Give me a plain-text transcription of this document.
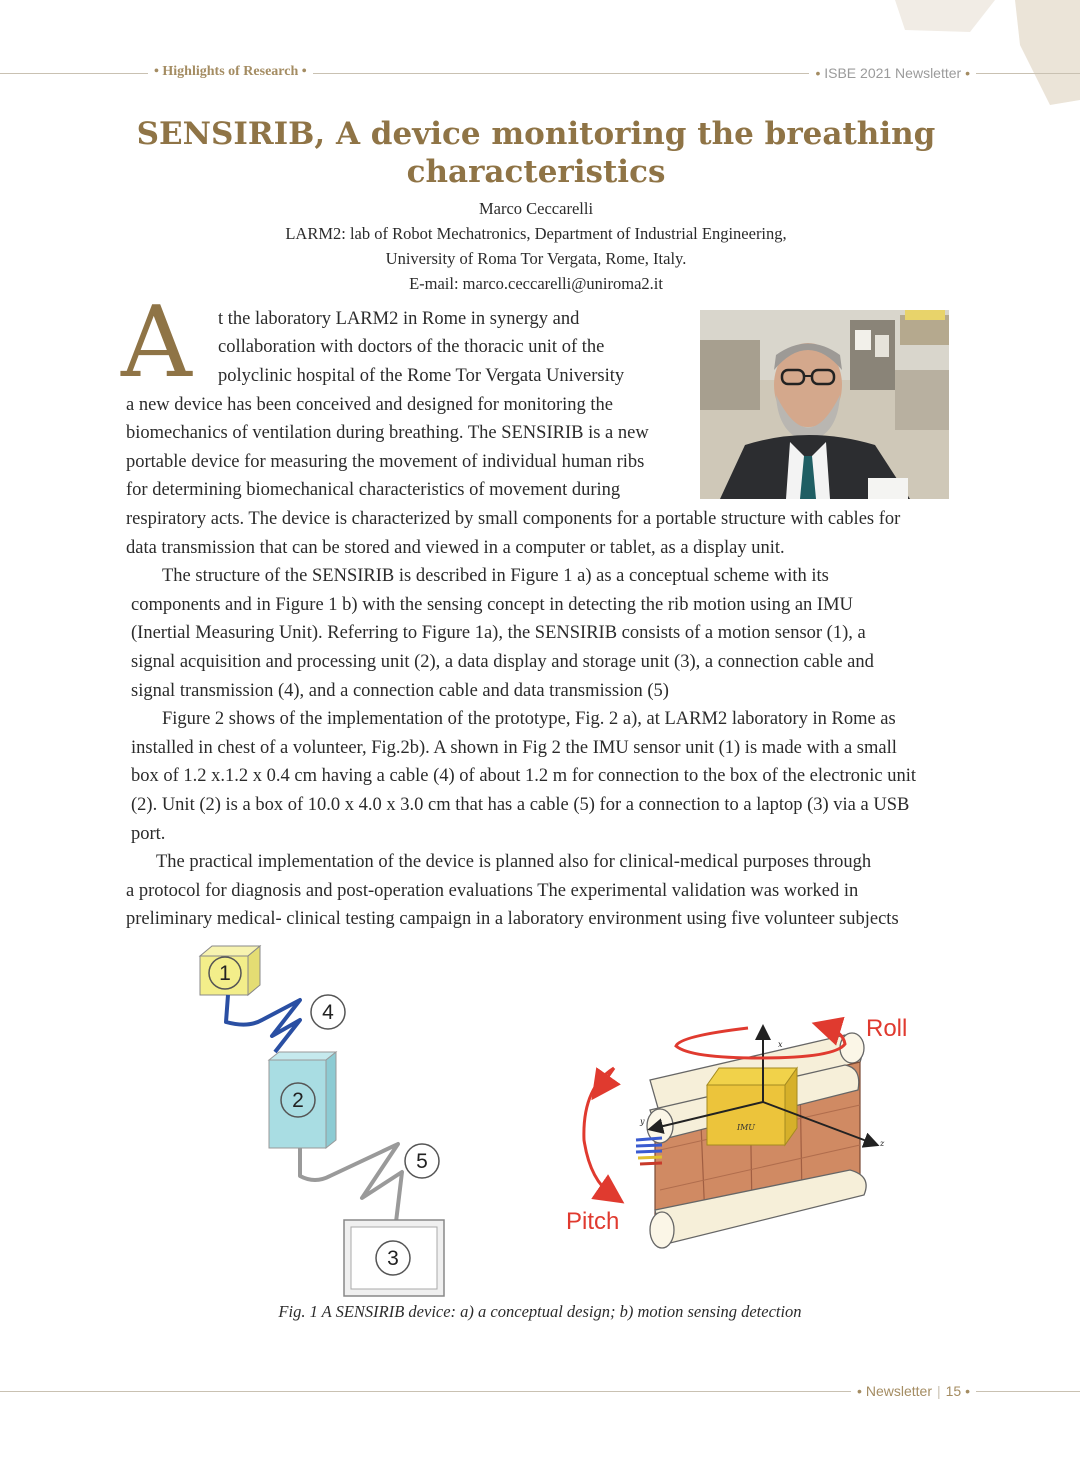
• Highlights of Research •	• ISBE 2021 Newsletter •
SENSIRIB, A device monitoring the breathing characteristics
Marco Ceccarelli
LARM2: lab of Robot Mechatronics, Department of Industrial Engineering,
University of Roma Tor Vergata, Rome, Italy.
E-mail: marco.ceccarelli@uniroma2.it
A t the laboratory LARM2 in Rome in synergy and
collaboration with doctors of the thoracic unit of the
polyclinic hospital of the Rome Tor Vergata University
a new device has been conceived and designed for monitoring the
biomechanics of ventilation during breathing. The SENSIRIB is a new
portable device for measuring the movement of individual human ribs
for determining biomechanical characteristics of movement during
respiratory acts. The device is characterized by small components for a portable structure with cables for
data transmission that can be stored and viewed in a computer or tablet, as a display unit.
The structure of the SENSIRIB is described in Figure 1 a) as a conceptual scheme with its
components and in Figure 1 b) with the sensing concept in detecting the rib motion using an IMU
(Inertial Measuring Unit). Referring to Figure 1a), the SENSIRIB consists of a motion sensor (1), a
signal acquisition and processing unit (2), a data display and storage unit (3), a connection cable and
signal transmission (4), and a connection cable and data transmission (5)
Figure 2 shows of the implementation of the prototype, Fig. 2 a), at LARM2 laboratory in Rome as
installed in chest of a volunteer, Fig.2b). A shown in Fig 2 the IMU sensor unit (1) is made with a small
box of 1.2 x.1.2 x 0.4 cm having a cable (4) of about 1.2 m for connection to the box of the electronic unit
(2). Unit (2) is a box of 10.0 x 4.0 x 3.0 cm that has a cable (5) for a connection to a laptop (3) via a USB
port.
The practical implementation of the device is planned also for clinical-medical purposes through
a protocol for diagnosis and post-operation evaluations The experimental validation was worked in
preliminary medical- clinical testing campaign in a laboratory environment using five volunteer subjects
1
4
2
5
3
IMU
x
z
y
Roll
Pitch
Fig. 1 A SENSIRIB device: a) a conceptual design; b) motion sensing detection
• Newsletter | 15 •
